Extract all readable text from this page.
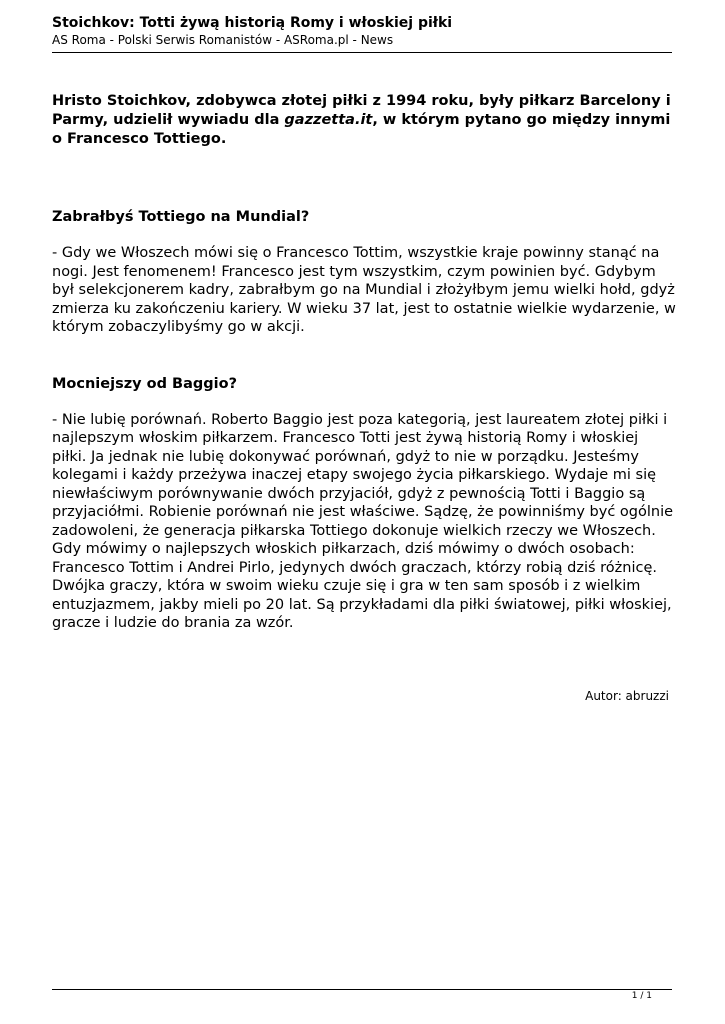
Stoichkov: Totti żywą historią Romy i włoskiej piłki
AS Roma - Polski Serwis Romanistów - ASRoma.pl - News

Hristo Stoichkov, zdobywca złotej piłki z 1994 roku, były piłkarz Barcelony i Parmy, udzielił wywiadu dla gazzetta.it, w którym pytano go między innymi o Francesco Tottiego.

Zabrałbyś Tottiego na Mundial?

- Gdy we Włoszech mówi się o Francesco Tottim, wszystkie kraje powinny stanąć na nogi. Jest fenomenem! Francesco jest tym wszystkim, czym powinien być. Gdybym był selekcjonerem kadry, zabrałbym go na Mundial i złożyłbym jemu wielki hołd, gdyż zmierza ku zakończeniu kariery. W wieku 37 lat, jest to ostatnie wielkie wydarzenie, w którym zobaczylibyśmy go w akcji.

Mocniejszy od Baggio?

- Nie lubię porównań. Roberto Baggio jest poza kategorią, jest laureatem złotej piłki i najlepszym włoskim piłkarzem. Francesco Totti jest żywą historią Romy i włoskiej piłki. Ja jednak nie lubię dokonywać porównań, gdyż to nie w porządku. Jesteśmy kolegami i każdy przeżywa inaczej etapy swojego życia piłkarskiego. Wydaje mi się niewłaściwym porównywanie dwóch przyjaciół, gdyż z pewnością Totti i Baggio są przyjaciółmi. Robienie porównań nie jest właściwe. Sądzę, że powinniśmy być ogólnie zadowoleni, że generacja piłkarska Tottiego dokonuje wielkich rzeczy we Włoszech. Gdy mówimy o najlepszych włoskich piłkarzach, dziś mówimy o dwóch osobach: Francesco Tottim i Andrei Pirlo, jedynych dwóch graczach, którzy robią dziś różnicę. Dwójka graczy, która w swoim wieku czuje się i gra w ten sam sposób i z wielkim entuzjazmem, jakby mieli po 20 lat. Są przykładami dla piłki światowej, piłki włoskiej, gracze i ludzie do brania za wzór.

Autor: abruzzi
1 / 1
